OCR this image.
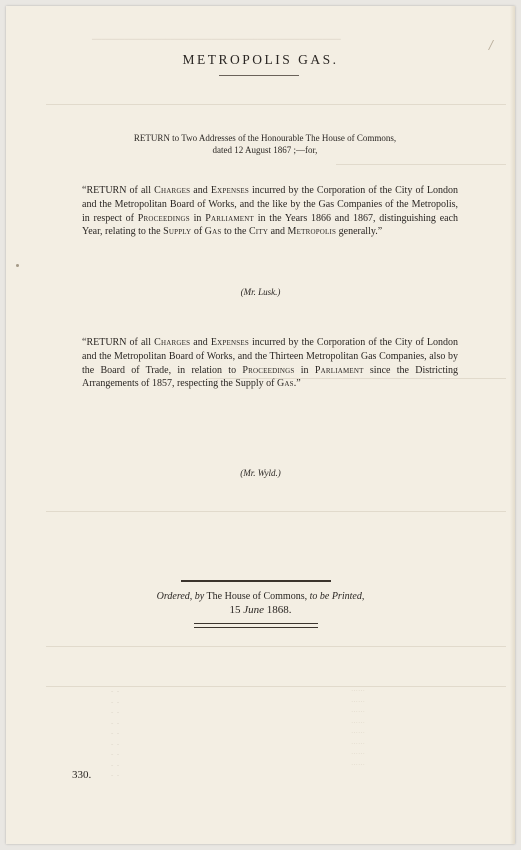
──────────────────────────────────────────────────────	/
-  -
-  -
-  -
-  -
-  -
-  -
-  -
-  -
-  -
······
······
······
······
······
······
······
······
METROPOLIS GAS.
RETURN to Two Addresses of the Honourable The House of Commons,
dated 12 August 1867 ;—for,
“RETURN of all Charges and Expenses incurred by the Corporation of the City of London and the Metropolitan Board of Works, and the like by the Gas Companies of the Metropolis, in respect of Proceedings in Parliament in the Years 1866 and 1867, distinguishing each Year, relating to the Supply of Gas to the City and Metropolis generally.”
(Mr. Lusk.)
“RETURN of all Charges and Expenses incurred by the Corporation of the City of London and the Metropolitan Board of Works, and the Thirteen Metropolitan Gas Companies, also by the Board of Trade, in relation to Proceedings in Parliament since the Districting Arrangements of 1857, respecting the Supply of Gas.”
(Mr. Wyld.)
Ordered, by The House of Commons, to be Printed,
15 June 1868.
330.
